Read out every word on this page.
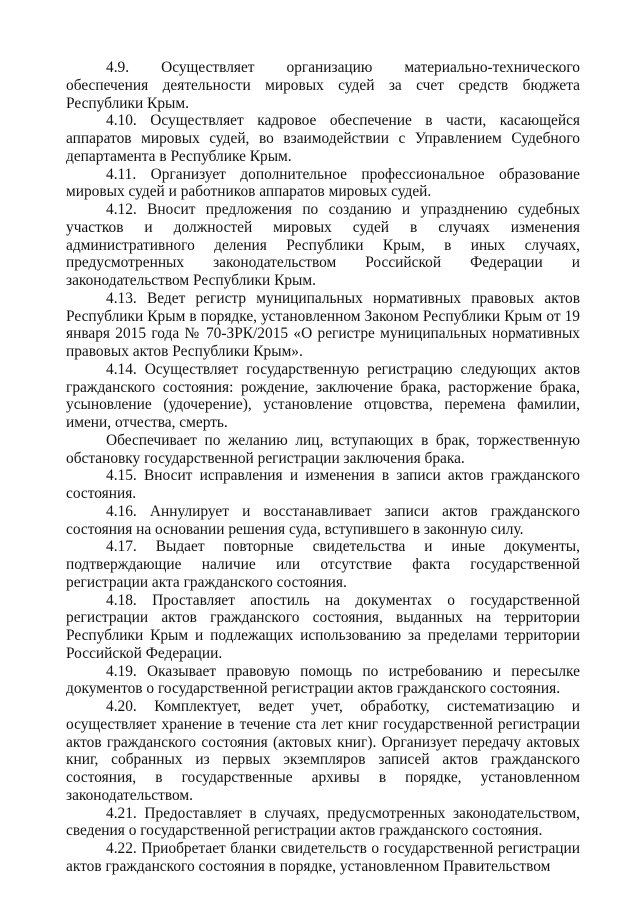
4.9. Осуществляет организацию материально-технического обеспечения деятельности мировых судей за счет средств бюджета Республики Крым.

4.10. Осуществляет кадровое обеспечение в части, касающейся аппаратов мировых судей, во взаимодействии с Управлением Судебного департамента в Республике Крым.

4.11. Организует дополнительное профессиональное образование мировых судей и работников аппаратов мировых судей.

4.12. Вносит предложения по созданию и упразднению судебных участков и должностей мировых судей в случаях изменения административного деления Республики Крым, в иных случаях, предусмотренных законодательством Российской Федерации и законодательством Республики Крым.

4.13. Ведет регистр муниципальных нормативных правовых актов Республики Крым в порядке, установленном Законом Республики Крым от 19 января 2015 года № 70-ЗРК/2015 «О регистре муниципальных нормативных правовых актов Республики Крым».

4.14. Осуществляет государственную регистрацию следующих актов гражданского состояния: рождение, заключение брака, расторжение брака, усыновление (удочерение), установление отцовства, перемена фамилии, имени, отчества, смерть.

Обеспечивает по желанию лиц, вступающих в брак, торжественную обстановку государственной регистрации заключения брака.

4.15. Вносит исправления и изменения в записи актов гражданского состояния.

4.16. Аннулирует и восстанавливает записи актов гражданского состояния на основании решения суда, вступившего в законную силу.

4.17. Выдает повторные свидетельства и иные документы, подтверждающие наличие или отсутствие факта государственной регистрации акта гражданского состояния.

4.18. Проставляет апостиль на документах о государственной регистрации актов гражданского состояния, выданных на территории Республики Крым и подлежащих использованию за пределами территории Российской Федерации.

4.19. Оказывает правовую помощь по истребованию и пересылке документов о государственной регистрации актов гражданского состояния.

4.20. Комплектует, ведет учет, обработку, систематизацию и осуществляет хранение в течение ста лет книг государственной регистрации актов гражданского состояния (актовых книг). Организует передачу актовых книг, собранных из первых экземпляров записей актов гражданского состояния, в государственные архивы в порядке, установленном законодательством.

4.21. Предоставляет в случаях, предусмотренных законодательством, сведения о государственной регистрации актов гражданского состояния.

4.22. Приобретает бланки свидетельств о государственной регистрации актов гражданского состояния в порядке, установленном Правительством
